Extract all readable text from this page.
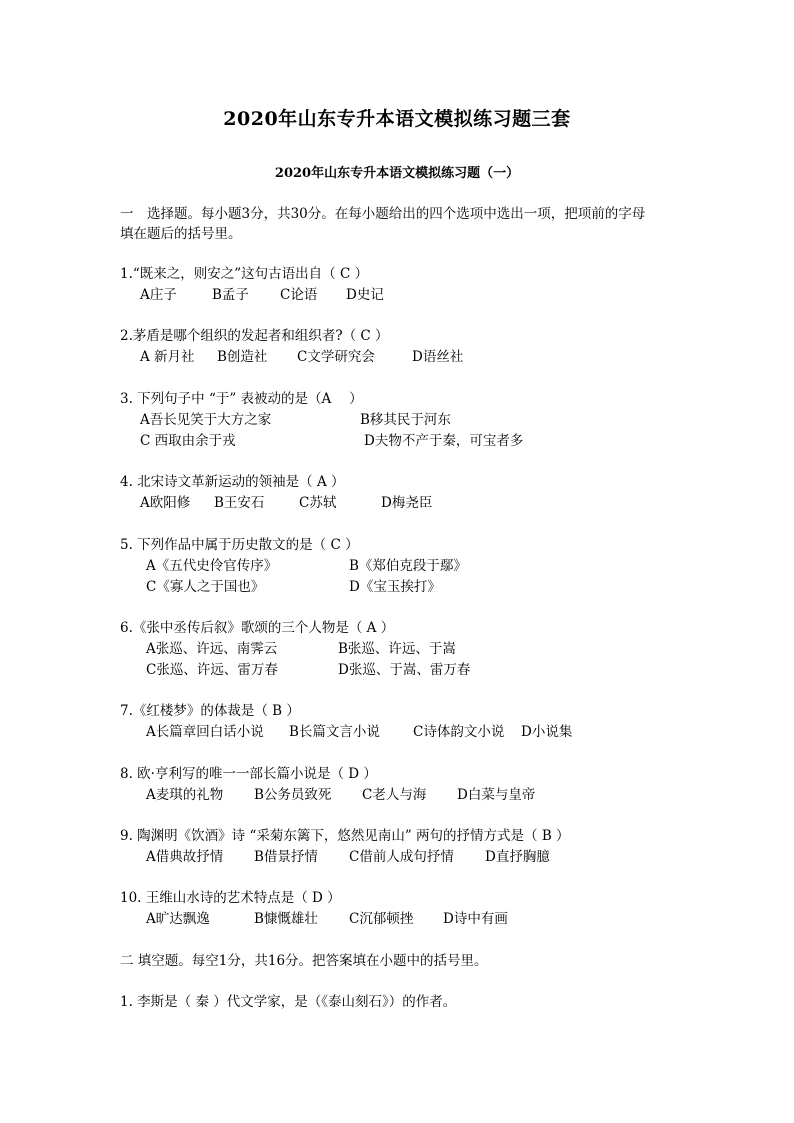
2020年山东专升本语文模拟练习题三套
2020年山东专升本语文模拟练习题（一）
一　选择题。每小题3分，共30分。在每小题给出的四个选项中选出一项，把项前的字母
填在题后的括号里。
1.“既来之，则安之”这句古语出自（ C ）
A庄子	B孟子 C论语 D史记
2.茅盾是哪个组织的发起者和组织者?（ C ）
A 新月社 B创造社 C文学研究会	D语丝社
3. 下列句子中 “于” 表被动的是（A　 ）
A吾长见笑于大方之家	B移其民于河东
C 西取由余于戎	D夫物不产于秦，可宝者多
4. 北宋诗文革新运动的领袖是（ A ）
A欧阳修 B王安石	C苏轼	D梅尧臣
5. 下列作品中属于历史散文的是（ C ）
A《五代史伶官传序》	B《郑伯克段于鄢》
C《寡人之于国也》	D《宝玉挨打》
6.《张中丞传后叙》歌颂的三个人物是（ A ）
A张巡、许远、南霁云	B张巡、许远、于嵩
C张巡、许远、雷万春	D张巡、于嵩、雷万春
7.《红楼梦》的体裁是（ B ）
A长篇章回白话小说 B长篇文言小说 C诗体韵文小说 D小说集
8. 欧·亨利写的唯一一部长篇小说是（ D ）
A麦琪的礼物 B公务员致死 C老人与海 D白菜与皇帝
9. 陶渊明《饮酒》诗 “采菊东篱下，悠然见南山” 两句的抒情方式是（ B ）
A借典故抒情 B借景抒情 C借前人成句抒情 D直抒胸臆
10. 王维山水诗的艺术特点是（ D ）
A旷达飘逸	B慷慨雄壮 C沉郁顿挫 D诗中有画
二 填空题。每空1分，共16分。把答案填在小题中的括号里。
1. 李斯是（ 秦 ）代文学家，是（《泰山刻石》）的作者。
